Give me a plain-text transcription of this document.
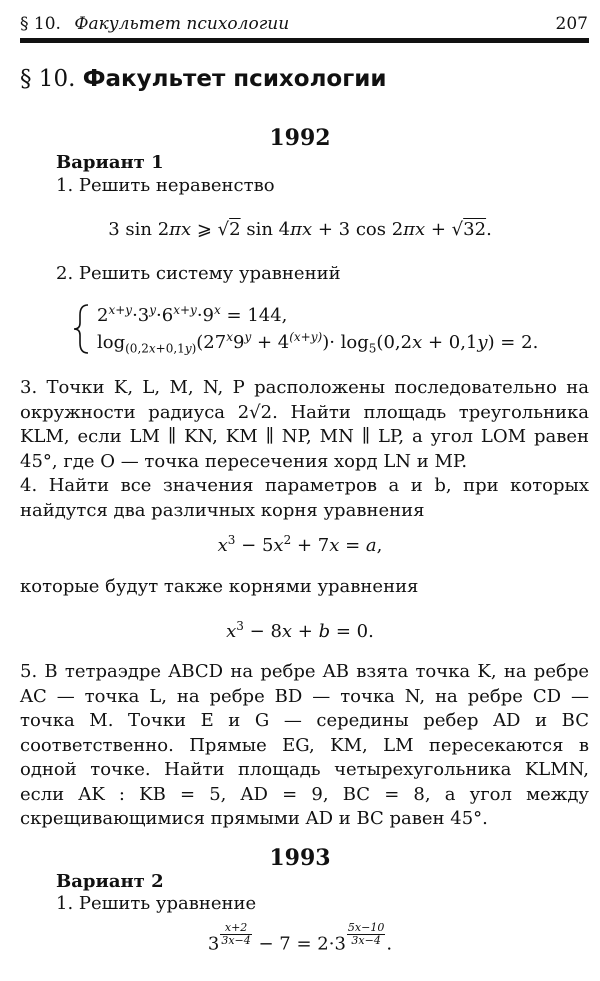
§ 10. Факультет психологии	207
§ 10. Факультет психологии
1992
Вариант 1
1. Решить неравенство
3 sin 2πx ⩾ √2 sin 4πx + 3 cos 2πx + √32.
2. Решить систему уравнений
$2^{x+y}\cdot 3^y\cdot 6^{x+y}\cdot 9^x = 144$,
$\log_{(0,2x+0,1y)}(27^x9^y + 4^{(x+y)})\cdot \log_5(0,2x + 0,1y) = 2$.
3. Точки K, L, M, N, P расположены последовательно на окружности радиуса 2√2. Найти площадь треугольника KLM, если LM ∥ KN, KM ∥ NP, MN ∥ LP, а угол LOM равен 45°, где O — точка пересечения хорд LN и MP.
4. Найти все значения параметров a и b, при которых найдутся два различных корня уравнения
$x^3 - 5x^2 + 7x = a$,
которые будут также корнями уравнения
$x^3 - 8x + b = 0$.
5. В тетраэдре ABCD на ребре AB взята точка K, на ребре AC — точка L, на ребре BD — точка N, на ребре CD — точка M. Точки E и G — середины ребер AD и BC соответственно. Прямые EG, KM, LM пересекаются в одной точке. Найти площадь четырехугольника KLMN, если AK : KB = 5, AD = 9, BC = 8, а угол между скрещивающимися прямыми AD и BC равен 45°.
1993
Вариант 2
1. Решить уравнение
$3 \frac{x+2}{3x-4} - 7 = 2\cdot 3 \frac{5x-10}{3x-4}$ .
